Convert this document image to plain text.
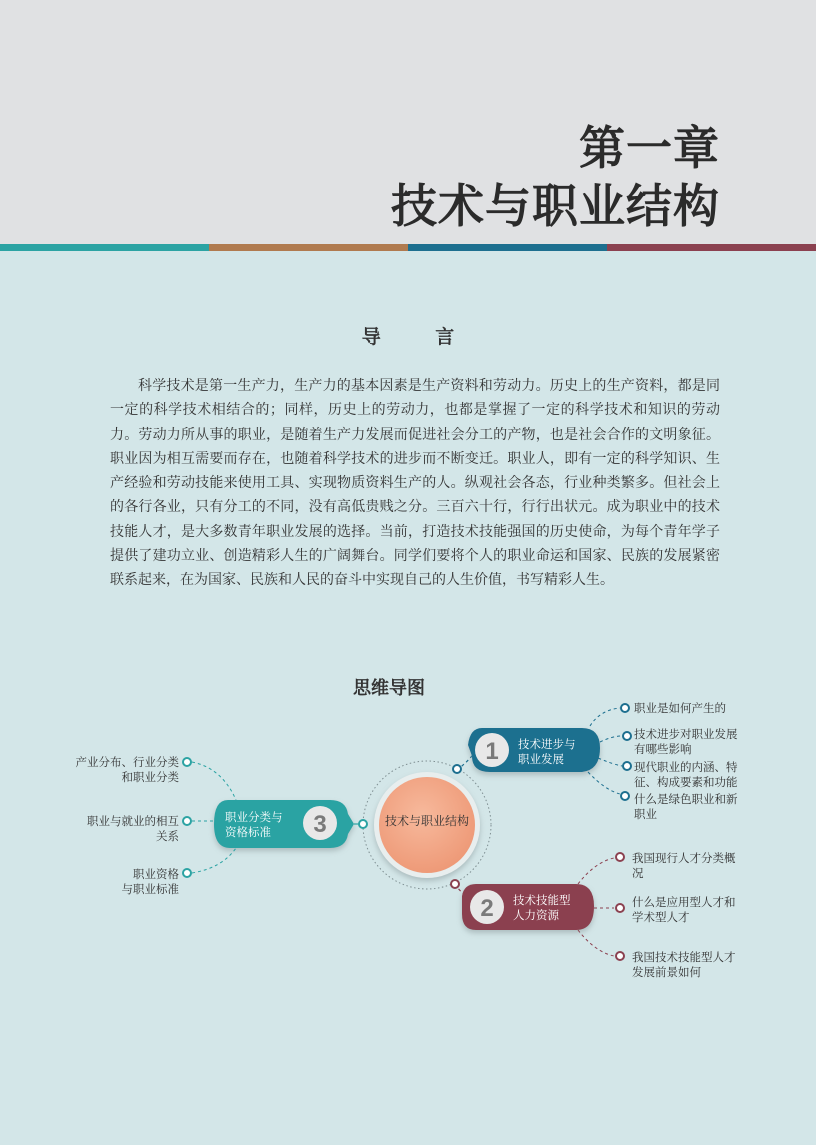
第一章
技术与职业结构
导 言
科学技术是第一生产力，生产力的基本因素是生产资料和劳动力。历史上的生产资料，都是同一定的科学技术相结合的；同样，历史上的劳动力，也都是掌握了一定的科学技术和知识的劳动力。劳动力所从事的职业，是随着生产力发展而促进社会分工的产物，也是社会合作的文明象征。职业因为相互需要而存在，也随着科学技术的进步而不断变迁。职业人，即有一定的科学知识、生产经验和劳动技能来使用工具、实现物质资料生产的人。纵观社会各态，行业种类繁多。但社会上的各行各业，只有分工的不同，没有高低贵贱之分。三百六十行，行行出状元。成为职业中的技术技能人才，是大多数青年职业发展的选择。当前，打造技术技能强国的历史使命，为每个青年学子提供了建功立业、创造精彩人生的广阔舞台。同学们要将个人的职业命运和国家、民族的发展紧密联系起来，在为国家、民族和人民的奋斗中实现自己的人生价值，书写精彩人生。
思维导图
1
2
3	技术与职业结构
技术进步与
职业发展
技术技能型
人力资源
职业分类与
资格标准
职业是如何产生的
技术进步对职业发展
有哪些影响
现代职业的内涵、特
征、构成要素和功能
什么是绿色职业和新
职业
我国现行人才分类概
况
什么是应用型人才和
学术型人才
我国技术技能型人才
发展前景如何
产业分布、行业分类
和职业分类
职业与就业的相互
关系
职业资格
与职业标准
